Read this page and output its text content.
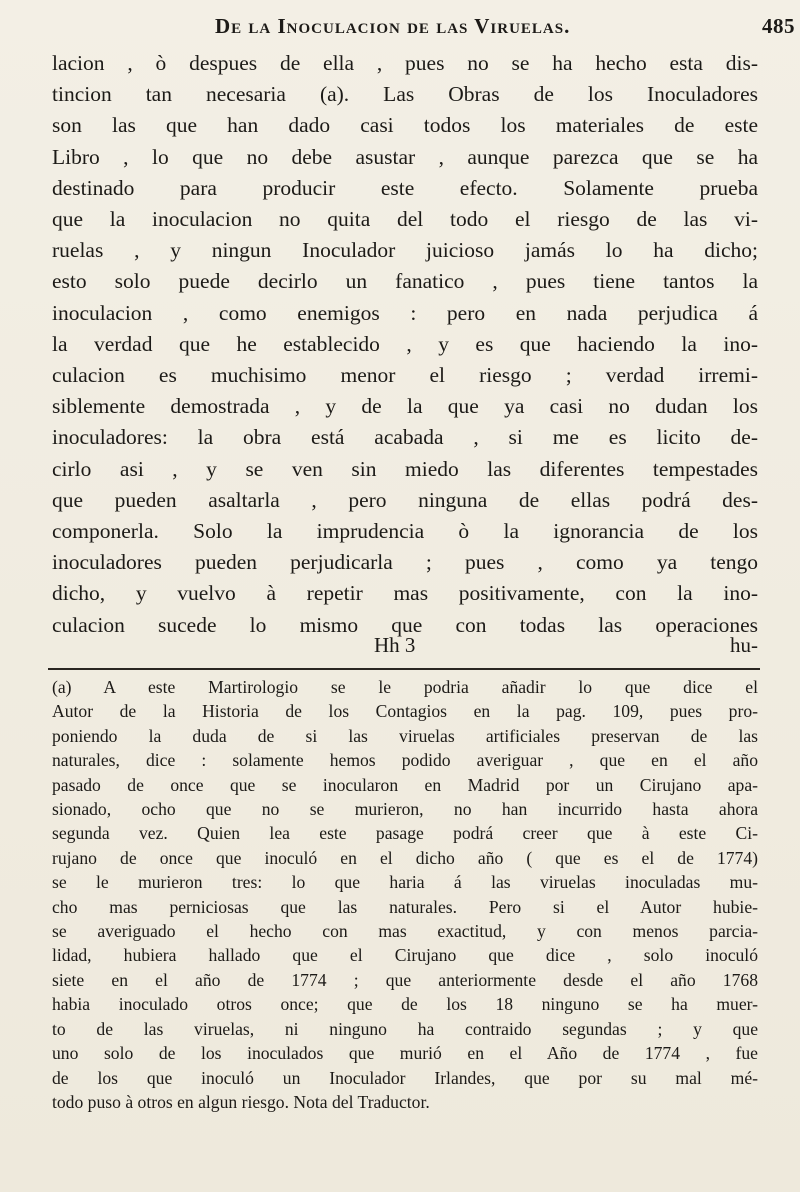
De la Inoculacion de las Viruelas.	485
lacion , ò despues de ella , pues no se ha hecho esta dis-
tincion tan necesaria (a). Las Obras de los Inoculadores
son las que han dado casi todos los materiales de este
Libro , lo que no debe asustar , aunque parezca que se ha
destinado para producir este efecto. Solamente prueba
que la inoculacion no quita del todo el riesgo de las vi-
ruelas , y ningun Inoculador juicioso jamás lo ha dicho;
esto solo puede decirlo un fanatico , pues tiene tantos la
inoculacion , como enemigos : pero en nada perjudica á
la verdad que he establecido , y es que haciendo la ino-
culacion es muchisimo menor el riesgo ; verdad irremi-
siblemente demostrada , y de la que ya casi no dudan los
inoculadores: la obra está acabada , si me es licito de-
cirlo asi , y se ven sin miedo las diferentes tempestades
que pueden asaltarla , pero ninguna de ellas podrá des-
componerla. Solo la imprudencia ò la ignorancia de los
inoculadores pueden perjudicarla ; pues , como ya tengo
dicho, y vuelvo à repetir mas positivamente, con la ino-
culacion sucede lo mismo que con todas las operaciones
Hh 3	hu-
(a) A este Martirologio se le podria añadir lo que dice el
Autor de la Historia de los Contagios en la pag. 109, pues pro-
poniendo la duda de si las viruelas artificiales preservan de las
naturales, dice : solamente hemos podido averiguar , que en el año
pasado de once que se inocularon en Madrid por un Cirujano apa-
sionado, ocho que no se murieron, no han incurrido hasta ahora
segunda vez. Quien lea este pasage podrá creer que à este Ci-
rujano de once que inoculó en el dicho año ( que es el de 1774)
se le murieron tres: lo que haria á las viruelas inoculadas mu-
cho mas perniciosas que las naturales. Pero si el Autor hubie-
se averiguado el hecho con mas exactitud, y con menos parcia-
lidad, hubiera hallado que el Cirujano que dice , solo inoculó
siete en el año de 1774 ; que anteriormente desde el año 1768
habia inoculado otros once; que de los 18 ninguno se ha muer-
to de las viruelas, ni ninguno ha contraido segundas ; y que
uno solo de los inoculados que murió en el Año de 1774 , fue
de los que inoculó un Inoculador Irlandes, que por su mal mé-
todo puso à otros en algun riesgo. Nota del Traductor.
